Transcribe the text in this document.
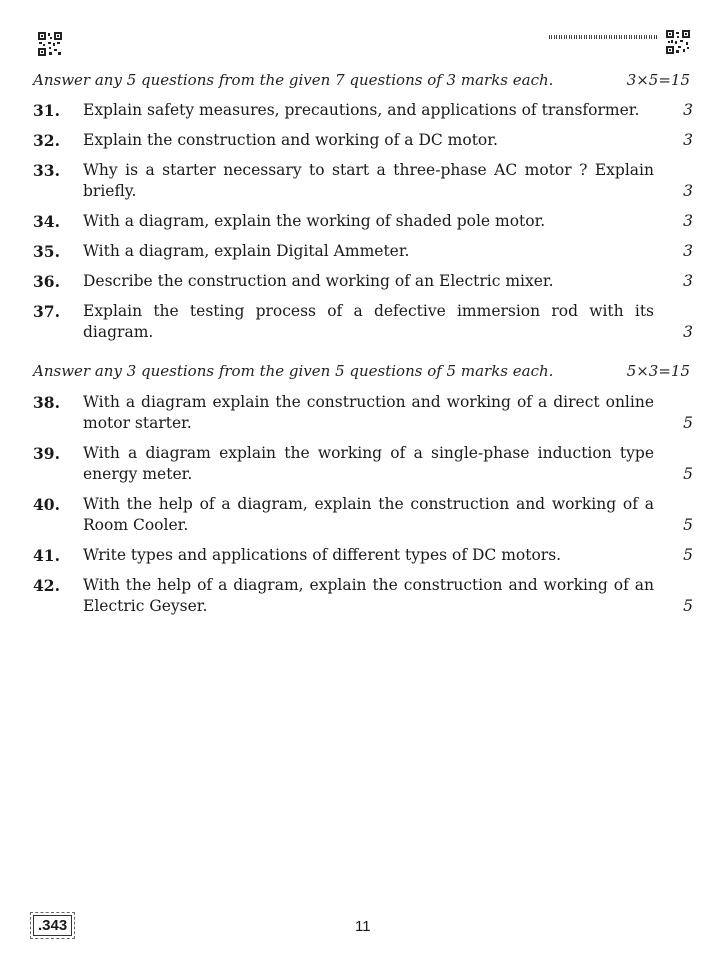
Answer any 5 questions from the given 7 questions of 3 marks each.	3×5=15
31.	Explain safety measures, precautions, and applications of transformer.	3
32.	Explain the construction and working of a DC motor.	3
33.	Why is a starter necessary to start a three-phase AC motor ? Explain briefly.	3
34.	With a diagram, explain the working of shaded pole motor.	3
35.	With a diagram, explain Digital Ammeter.	3
36.	Describe the construction and working of an Electric mixer.	3
37.	Explain the testing process of a defective immersion rod with its diagram.	3
Answer any 3 questions from the given 5 questions of 5 marks each.	5×3=15
38.	With a diagram explain the construction and working of a direct online motor starter.	5
39.	With a diagram explain the working of a single-phase induction type energy meter.	5
40.	With the help of a diagram, explain the construction and working of a Room Cooler.	5
41.	Write types and applications of different types of DC motors.	5
42.	With the help of a diagram, explain the construction and working of an Electric Geyser.	5
.343	11
